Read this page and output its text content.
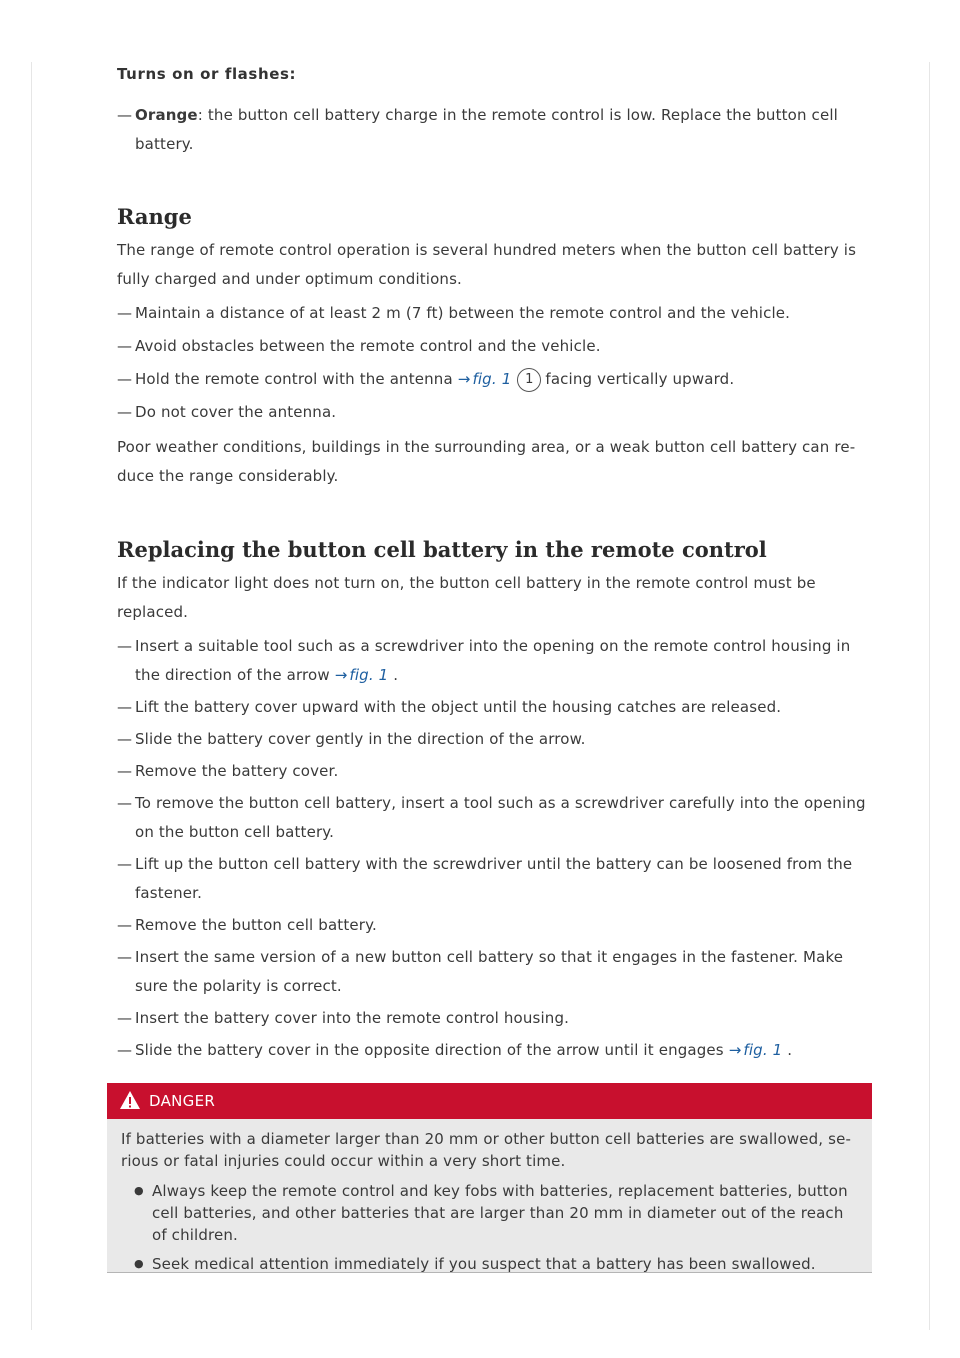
Turns on or flashes:

— Orange: the button cell battery charge in the remote control is low. Replace the button cell battery.

Range

The range of remote control operation is several hundred meters when the button cell battery is fully charged and under optimum conditions.

— Maintain a distance of at least 2 m (7 ft) between the remote control and the vehicle.

— Avoid obstacles between the remote control and the vehicle.

— Hold the remote control with the antenna → fig. 1 1 facing vertically upward.

— Do not cover the antenna.

Poor weather conditions, buildings in the surrounding area, or a weak button cell battery can re- duce the range considerably.

Replacing the button cell battery in the remote control

If the indicator light does not turn on, the button cell battery in the remote control must be replaced.

— Insert a suitable tool such as a screwdriver into the opening on the remote control housing in the direction of the arrow → fig. 1 .

— Lift the battery cover upward with the object until the housing catches are released.

— Slide the battery cover gently in the direction of the arrow.

— Remove the battery cover.

— To remove the button cell battery, insert a tool such as a screwdriver carefully into the opening on the button cell battery.

— Lift up the button cell battery with the screwdriver until the battery can be loosened from the fastener.

— Remove the button cell battery.

— Insert the same version of a new button cell battery so that it engages in the fastener. Make sure the polarity is correct.

— Insert the battery cover into the remote control housing.

— Slide the battery cover in the opposite direction of the arrow until it engages → fig. 1 .

DANGER

If batteries with a diameter larger than 20 mm or other button cell batteries are swallowed, se- rious or fatal injuries could occur within a very short time.

● Always keep the remote control and key fobs with batteries, replacement batteries, button cell batteries, and other batteries that are larger than 20 mm in diameter out of the reach of children.

● Seek medical attention immediately if you suspect that a battery has been swallowed.
